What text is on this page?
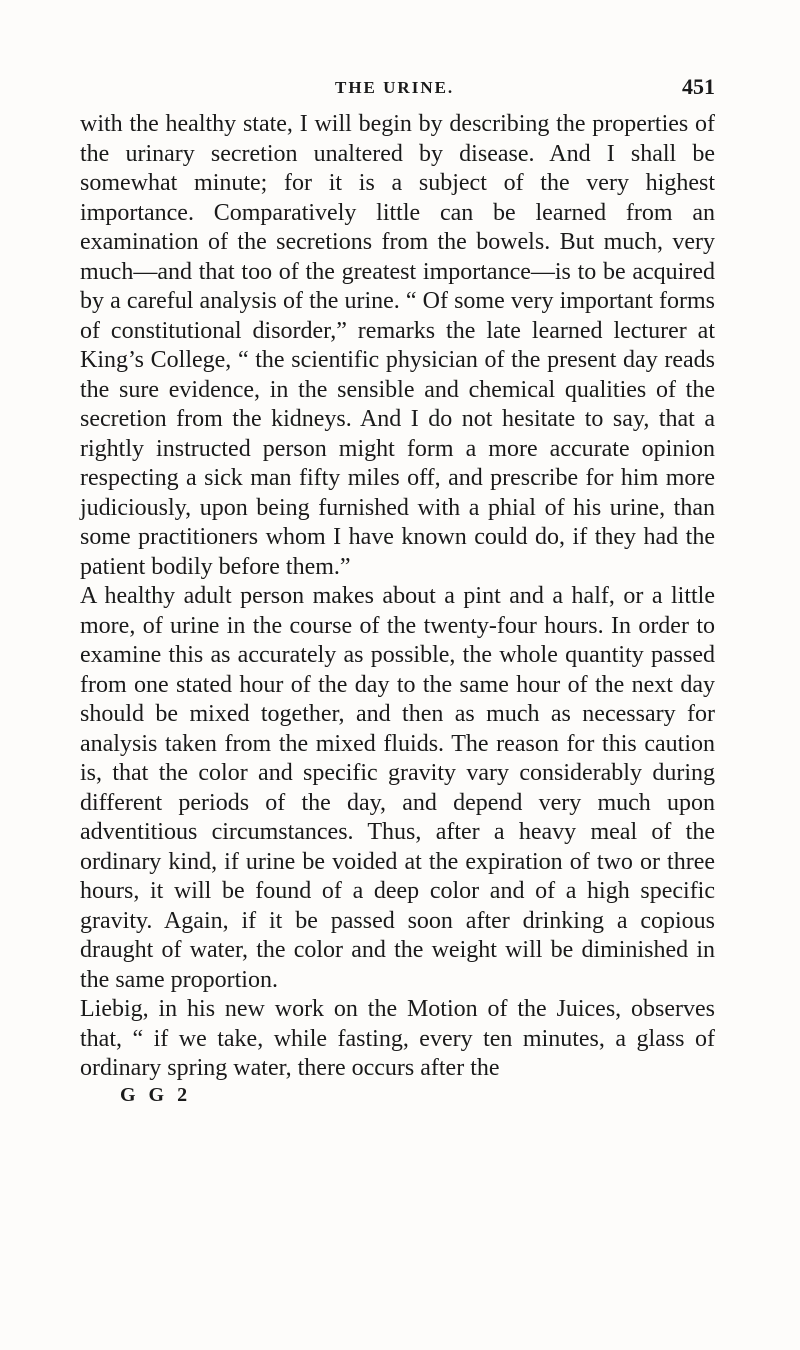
THE URINE.	451

with the healthy state, I will begin by describing the properties of the urinary secretion unaltered by disease. And I shall be somewhat minute; for it is a subject of the very highest importance. Comparatively little can be learned from an examination of the secretions from the bowels. But much, very much—and that too of the greatest importance—is to be acquired by a careful analysis of the urine. “ Of some very important forms of constitutional disorder,” remarks the late learned lecturer at King’s College, “ the scientific physician of the present day reads the sure evidence, in the sensible and chemical qualities of the secretion from the kidneys. And I do not hesitate to say, that a rightly instructed person might form a more accurate opinion respecting a sick man fifty miles off, and prescribe for him more judiciously, upon being furnished with a phial of his urine, than some practitioners whom I have known could do, if they had the patient bodily before them.”

A healthy adult person makes about a pint and a half, or a little more, of urine in the course of the twenty-four hours. In order to examine this as accurately as possible, the whole quantity passed from one stated hour of the day to the same hour of the next day should be mixed together, and then as much as necessary for analysis taken from the mixed fluids. The reason for this caution is, that the color and specific gravity vary considerably during different periods of the day, and depend very much upon adventitious circumstances. Thus, after a heavy meal of the ordinary kind, if urine be voided at the expiration of two or three hours, it will be found of a deep color and of a high specific gravity. Again, if it be passed soon after drinking a copious draught of water, the color and the weight will be diminished in the same proportion.

Liebig, in his new work on the Motion of the Juices, observes that, “ if we take, while fasting, every ten minutes, a glass of ordinary spring water, there occurs after the

G G 2
